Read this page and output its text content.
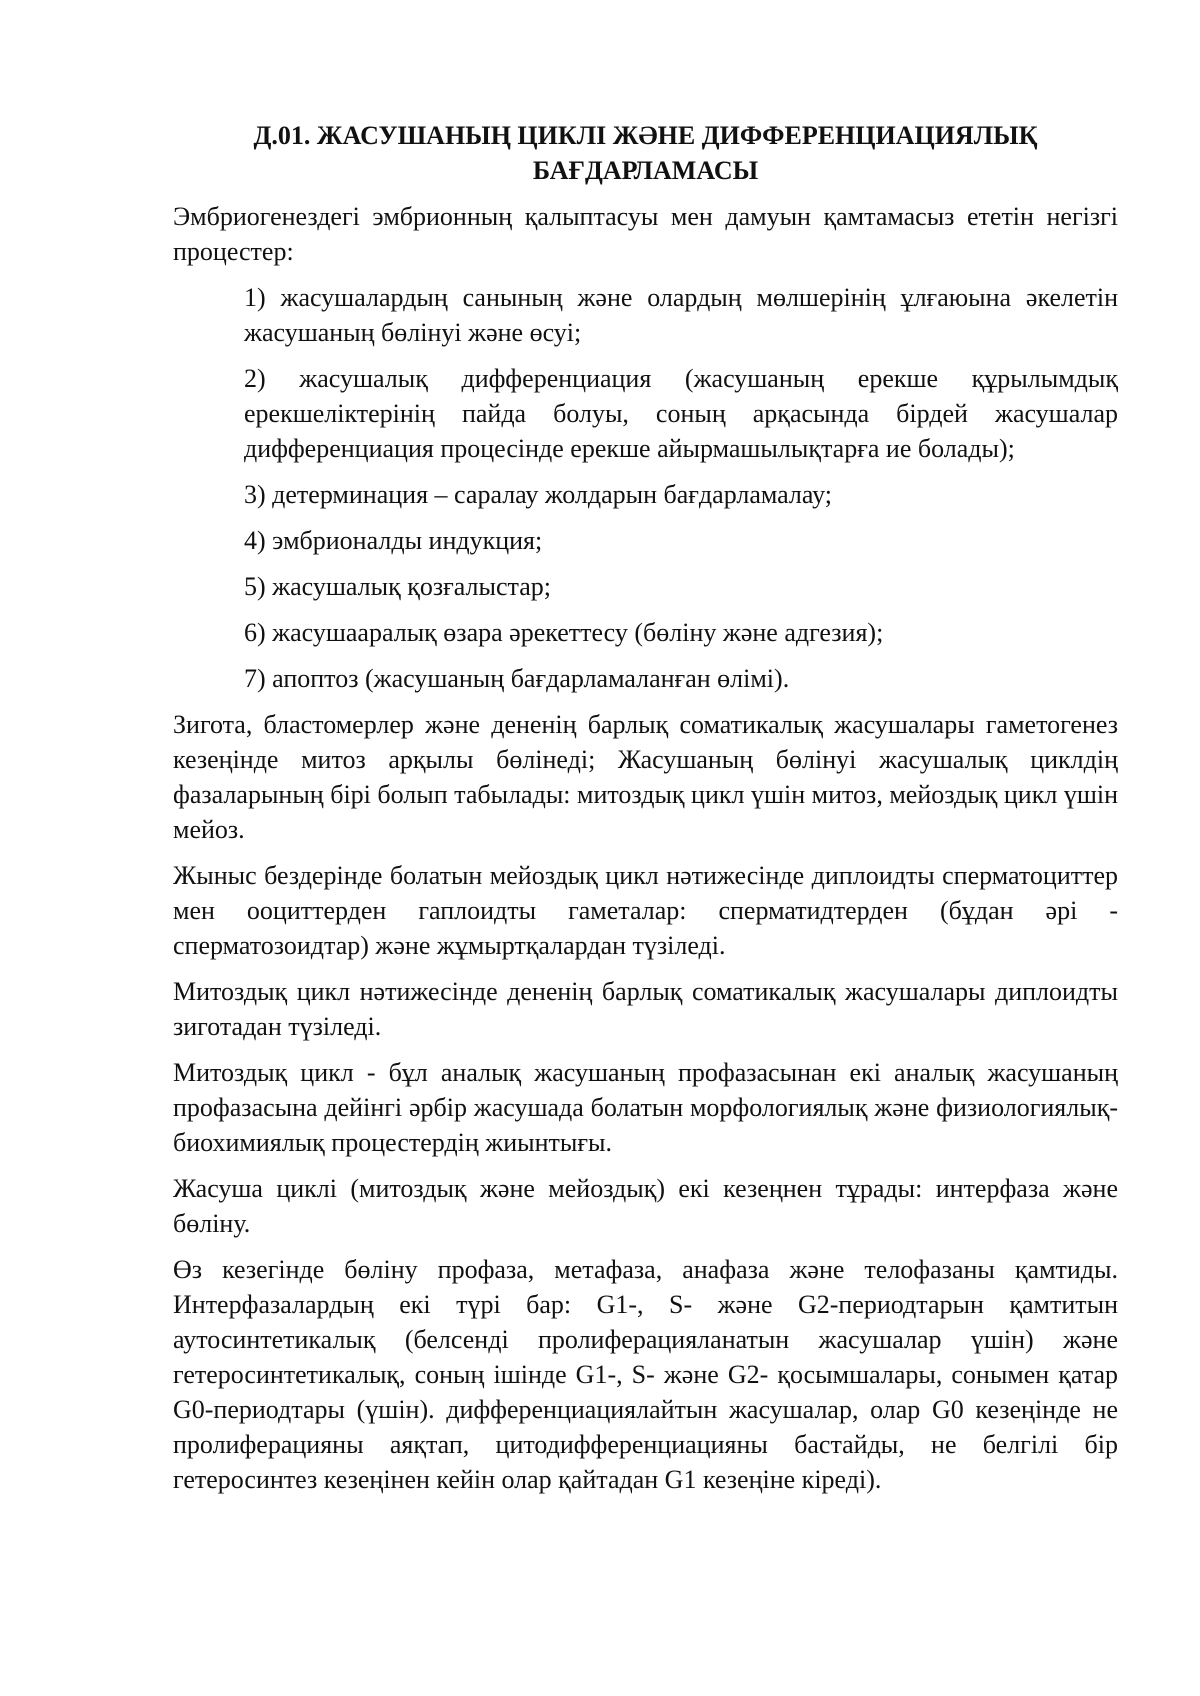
Д.01. ЖАСУШАНЫҢ ЦИКЛІ ЖӘНЕ ДИФФЕРЕНЦИАЦИЯЛЫҚ БАҒДАРЛАМАСЫ

Эмбриогенездегі эмбрионның қалыптасуы мен дамуын қамтамасыз ететін негізгі процестер:

1) жасушалардың санының және олардың мөлшерінің ұлғаюына әкелетін жасушаның бөлінуі және өсуі;

2) жасушалық дифференциация (жасушаның ерекше құрылымдық ерекшеліктерінің пайда болуы, соның арқасында бірдей жасушалар дифференциация процесінде ерекше айырмашылықтарға ие болады);

3) детерминация – саралау жолдарын бағдарламалау;

4) эмбрионалды индукция;

5) жасушалық қозғалыстар;

6) жасушааралық өзара әрекеттесу (бөліну және адгезия);

7) апоптоз (жасушаның бағдарламаланған өлімі).

Зигота, бластомерлер және дененің барлық соматикалық жасушалары гаметогенез кезеңінде митоз арқылы бөлінеді; Жасушаның бөлінуі жасушалық циклдің фазаларының бірі болып табылады: митоздық цикл үшін митоз, мейоздық цикл үшін мейоз.

Жыныс бездерінде болатын мейоздық цикл нәтижесінде диплоидты сперматоциттер мен ооциттерден гаплоидты гаметалар: сперматидтерден (бұдан әрі - сперматозоидтар) және жұмыртқалардан түзіледі.

Митоздық цикл нәтижесінде дененің барлық соматикалық жасушалары диплоидты зиготадан түзіледі.

Митоздық цикл - бұл аналық жасушаның профазасынан екі аналық жасушаның профазасына дейінгі әрбір жасушада болатын морфологиялық және физиологиялық-биохимиялық процестердің жиынтығы.

Жасуша циклі (митоздық және мейоздық) екі кезеңнен тұрады: интерфаза және бөліну.

Өз кезегінде бөліну профаза, метафаза, анафаза және телофазаны қамтиды. Интерфазалардың екі түрі бар: G1-, S- және G2-периодтарын қамтитын аутосинтетикалық (белсенді пролиферацияланатын жасушалар үшін) және гетеросинтетикалық, соның ішінде G1-, S- және G2- қосымшалары, сонымен қатар G0-периодтары (үшін). дифференциациялайтын жасушалар, олар G0 кезеңінде не пролиферацияны аяқтап, цитодифференциацияны бастайды, не белгілі бір гетеросинтез кезеңінен кейін олар қайтадан G1 кезеңіне кіреді).
